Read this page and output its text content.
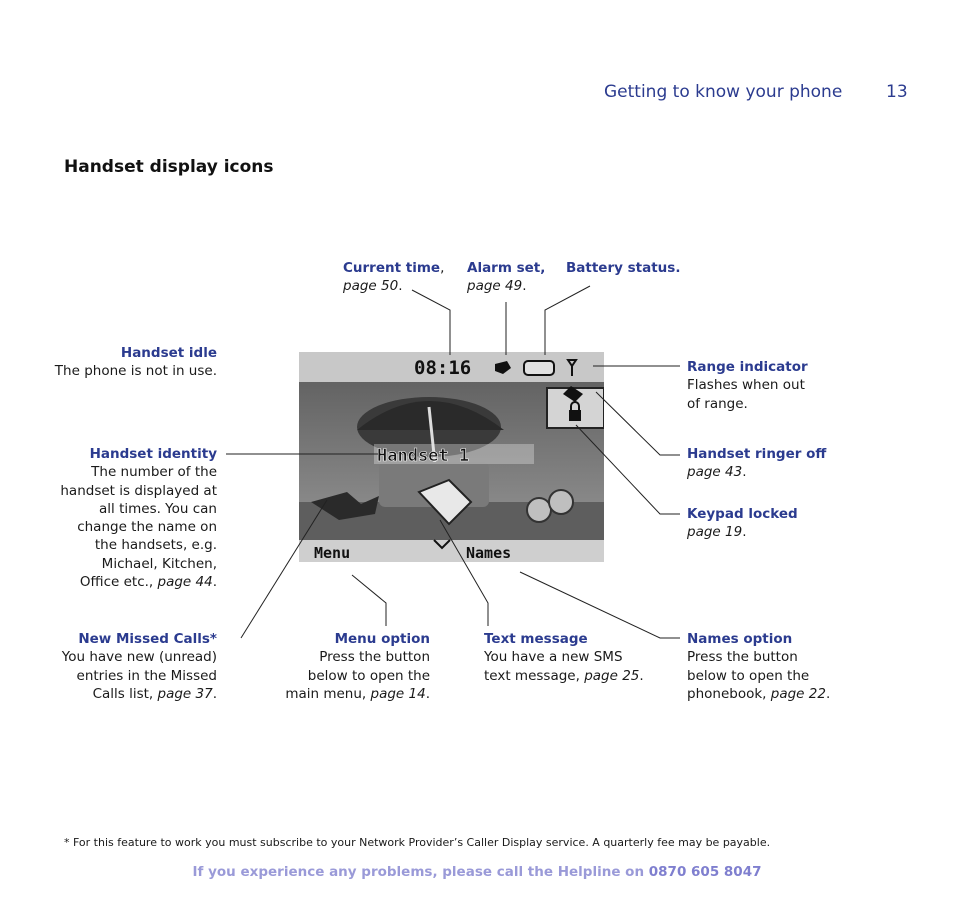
Getting to know your phone	13
Handset display icons
08:16
Handset 1
Menu	Names
Current time,
page 50.
Alarm set,
page 49.
Battery status.
Handset idle
The phone is not in use.	Range indicator
Flashes when out
of range.
Handset identity
The number of the
handset is displayed at
all times. You can
change the name on
the handsets, e.g.
Michael, Kitchen,
Office etc., page 44.
Handset ringer off
page 43.
Keypad locked
page 19.
New Missed Calls*
You have new (unread)
entries in the Missed
Calls list, page 37.
Menu option
Press the button
below to open the
main menu, page 14.
Text message
You have a new SMS
text message, page 25.
Names option
Press the button
below to open the
phonebook, page 22.
* For this feature to work you must subscribe to your Network Provider’s Caller Display service. A quarterly fee may be payable.
If you experience any problems, please call the Helpline on 0870 605 8047
